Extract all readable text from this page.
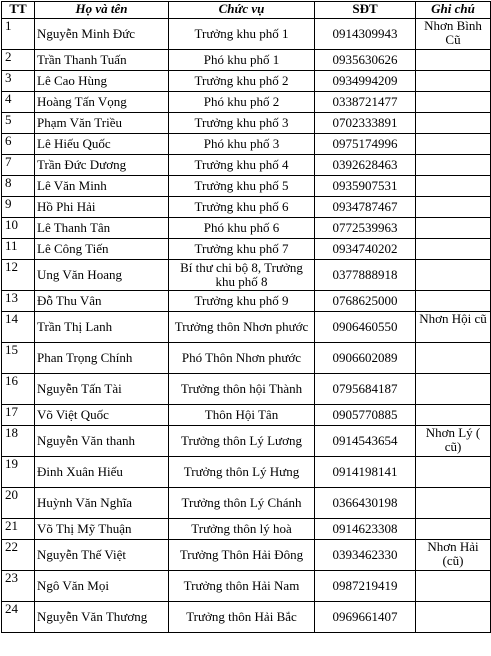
TT	Họ và tên	Chức vụ	SĐT	Ghi chú
1	Nguyễn Minh Đức	Trưởng khu phố 1	0914309943	Nhơn Bình Cũ
2	Trần Thanh Tuấn	Phó khu phố 1	0935630626	
3	Lê Cao Hùng	Trưởng khu phố 2	0934994209	
4	Hoàng Tấn Vọng	Phó khu phố 2	0338721477	
5	Phạm Văn Triều	Trưởng khu phố 3	0702333891	
6	Lê Hiếu Quốc	Phó khu phố 3	0975174996	
7	Trần Đức Dương	Trưởng khu phố 4	0392628463	
8	Lê Văn Minh	Trưởng khu phố 5	0935907531	
9	Hồ Phi Hải	Trưởng khu phố 6	0934787467	
10	Lê Thanh Tân	Phó khu phố 6	0772539963	
11	Lê Công Tiến	Trưởng khu phố 7	0934740202	
12	Ung Văn Hoang	Bí thư chi bộ 8, Trưởng khu phố 8	0377888918	
13	Đỗ Thu Vân	Trưởng khu phố 9	0768625000	
14	Trần Thị Lanh	Trưởng thôn Nhơn phước	0906460550	Nhơn Hội cũ
15	Phan Trọng Chính	Phó Thôn Nhơn phước	0906602089	
16	Nguyễn Tấn Tài	Trưởng thôn hội Thành	0795684187	
17	Võ Việt Quốc	Thôn Hội Tân	0905770885	
18	Nguyễn Văn thanh	Trưởng thôn Lý Lương	0914543654	Nhơn Lý ( cũ)
19	Đinh Xuân Hiếu	Trưởng thôn Lý Hưng	0914198141	
20	Huỳnh Văn Nghĩa	Trưởng thôn Lý Chánh	0366430198	
21	Võ Thị Mỹ Thuận	Trưởng thôn lý hoà	0914623308	
22	Nguyễn Thế Việt	Trưởng Thôn Hải Đông	0393462330	Nhơn Hải (cũ)
23	Ngô Văn Mọi	Trưởng thôn Hải Nam	0987219419	
24	Nguyễn Văn Thương	Trưởng thôn Hải Bắc	0969661407	
